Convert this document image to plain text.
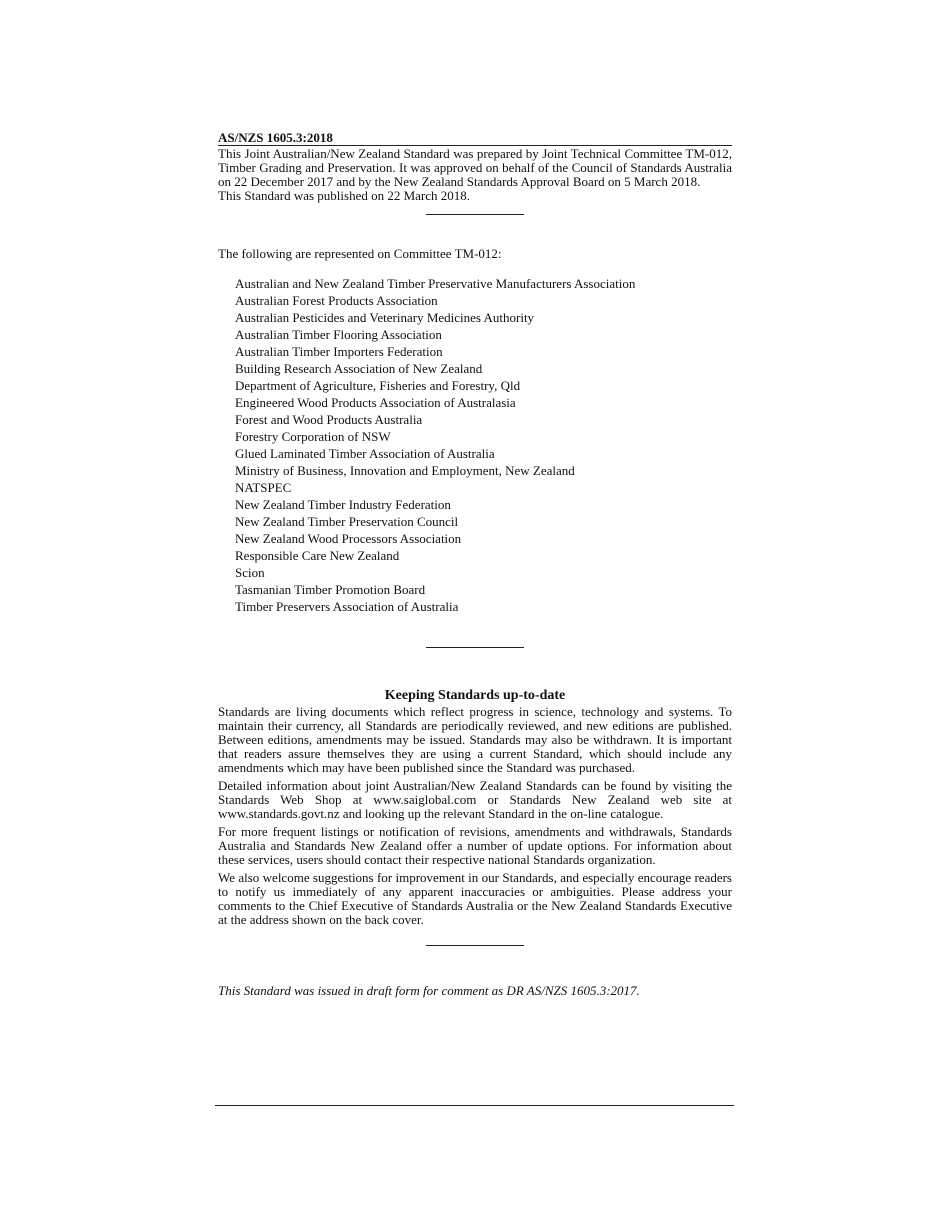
AS/NZS 1605.3:2018

This Joint Australian/New Zealand Standard was prepared by Joint Technical Committee TM-012, Timber Grading and Preservation. It was approved on behalf of the Council of Standards Australia on 22 December 2017 and by the New Zealand Standards Approval Board on 5 March 2018.

This Standard was published on 22 March 2018.

The following are represented on Committee TM-012:

Australian and New Zealand Timber Preservative Manufacturers Association
Australian Forest Products Association
Australian Pesticides and Veterinary Medicines Authority
Australian Timber Flooring Association
Australian Timber Importers Federation
Building Research Association of New Zealand
Department of Agriculture, Fisheries and Forestry, Qld
Engineered Wood Products Association of Australasia
Forest and Wood Products Australia
Forestry Corporation of NSW
Glued Laminated Timber Association of Australia
Ministry of Business, Innovation and Employment, New Zealand
NATSPEC
New Zealand Timber Industry Federation
New Zealand Timber Preservation Council
New Zealand Wood Processors Association
Responsible Care New Zealand
Scion
Tasmanian Timber Promotion Board
Timber Preservers Association of Australia
Keeping Standards up-to-date

Standards are living documents which reflect progress in science, technology and systems. To maintain their currency, all Standards are periodically reviewed, and new editions are published. Between editions, amendments may be issued. Standards may also be withdrawn. It is important that readers assure themselves they are using a current Standard, which should include any amendments which may have been published since the Standard was purchased.

Detailed information about joint Australian/New Zealand Standards can be found by visiting the Standards Web Shop at www.saiglobal.com or Standards New Zealand web site at www.standards.govt.nz and looking up the relevant Standard in the on-line catalogue.

For more frequent listings or notification of revisions, amendments and withdrawals, Standards Australia and Standards New Zealand offer a number of update options. For information about these services, users should contact their respective national Standards organization.

We also welcome suggestions for improvement in our Standards, and especially encourage readers to notify us immediately of any apparent inaccuracies or ambiguities. Please address your comments to the Chief Executive of Standards Australia or the New Zealand Standards Executive at the address shown on the back cover.

This Standard was issued in draft form for comment as DR AS/NZS 1605.3:2017.
